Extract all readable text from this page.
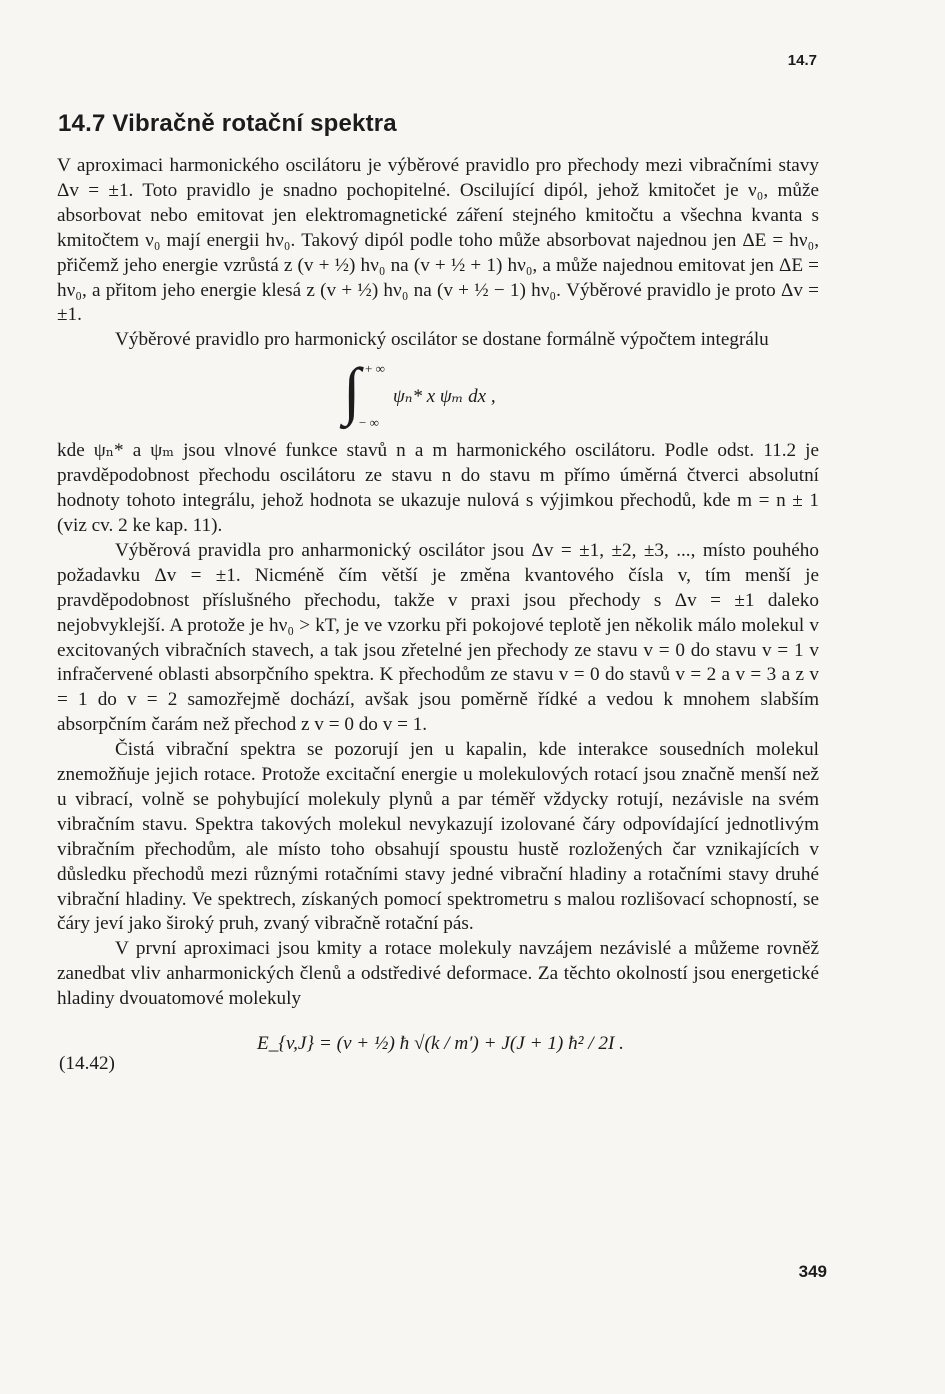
14.7
14.7 Vibračně rotační spektra

V aproximaci harmonického oscilátoru je výběrové pravidlo pro přechody mezi vibračními stavy Δv = ±1. Toto pravidlo je snadno pochopitelné. Oscilující dipól, jehož kmitočet je ν₀, může absorbovat nebo emitovat jen elektromagnetické záření stejného kmitočtu a všechna kvanta s kmitočtem ν₀ mají energii hν₀. Takový dipól podle toho může absorbovat najednou jen ΔE = hν₀, přičemž jeho energie vzrůstá z (v + ½) hν₀ na (v + ½ + 1) hν₀, a může najednou emitovat jen ΔE = hν₀, a přitom jeho energie klesá z (v + ½) hν₀ na (v + ½ − 1) hν₀. Výběrové pravidlo je proto Δv = ±1.

Výběrové pravidlo pro harmonický oscilátor se dostane formálně výpočtem integrálu

∫ + ∞
− ∞
ψₙ* x ψₘ dx ,

kde ψₙ* a ψₘ jsou vlnové funkce stavů n a m harmonického oscilátoru. Podle odst. 11.2 je pravděpodobnost přechodu oscilátoru ze stavu n do stavu m přímo úměrná čtverci absolutní hodnoty tohoto integrálu, jehož hodnota se ukazuje nulová s výjimkou přechodů, kde m = n ± 1 (viz cv. 2 ke kap. 11).

Výběrová pravidla pro anharmonický oscilátor jsou Δv = ±1, ±2, ±3, ..., místo pouhého požadavku Δv = ±1. Nicméně čím větší je změna kvantového čísla v, tím menší je pravděpodobnost příslušného přechodu, takže v praxi jsou přechody s Δv = ±1 daleko nejobvyklejší. A protože je hν₀ > kT, je ve vzorku při pokojové teplotě jen několik málo molekul v excitovaných vibračních stavech, a tak jsou zřetelné jen přechody ze stavu v = 0 do stavu v = 1 v infračervené oblasti absorpčního spektra. K přechodům ze stavu v = 0 do stavů v = 2 a v = 3 a z v = 1 do v = 2 samozřejmě dochází, avšak jsou poměrně řídké a vedou k mnohem slabším absorpčním čarám než přechod z v = 0 do v = 1.

Čistá vibrační spektra se pozorují jen u kapalin, kde interakce sousedních molekul znemožňuje jejich rotace. Protože excitační energie u molekulových rotací jsou značně menší než u vibrací, volně se pohybující molekuly plynů a par téměř vždycky rotují, nezávisle na svém vibračním stavu. Spektra takových molekul nevykazují izolované čáry odpovídající jednotlivým vibračním přechodům, ale místo toho obsahují spoustu hustě rozložených čar vznikajících v důsledku přechodů mezi různými rotačními stavy jedné vibrační hladiny a rotačními stavy druhé vibrační hladiny. Ve spektrech, získaných pomocí spektrometru s malou rozlišovací schopností, se čáry jeví jako široký pruh, zvaný vibračně rotační pás.

V první aproximaci jsou kmity a rotace molekuly navzájem nezávislé a můžeme rovněž zanedbat vliv anharmonických členů a odstředivé deformace. Za těchto okolností jsou energetické hladiny dvouatomové molekuly

(14.42)
E_{v,J} = (v + ½) ħ √(k / m′) + J(J + 1) ħ² / 2I .
349
